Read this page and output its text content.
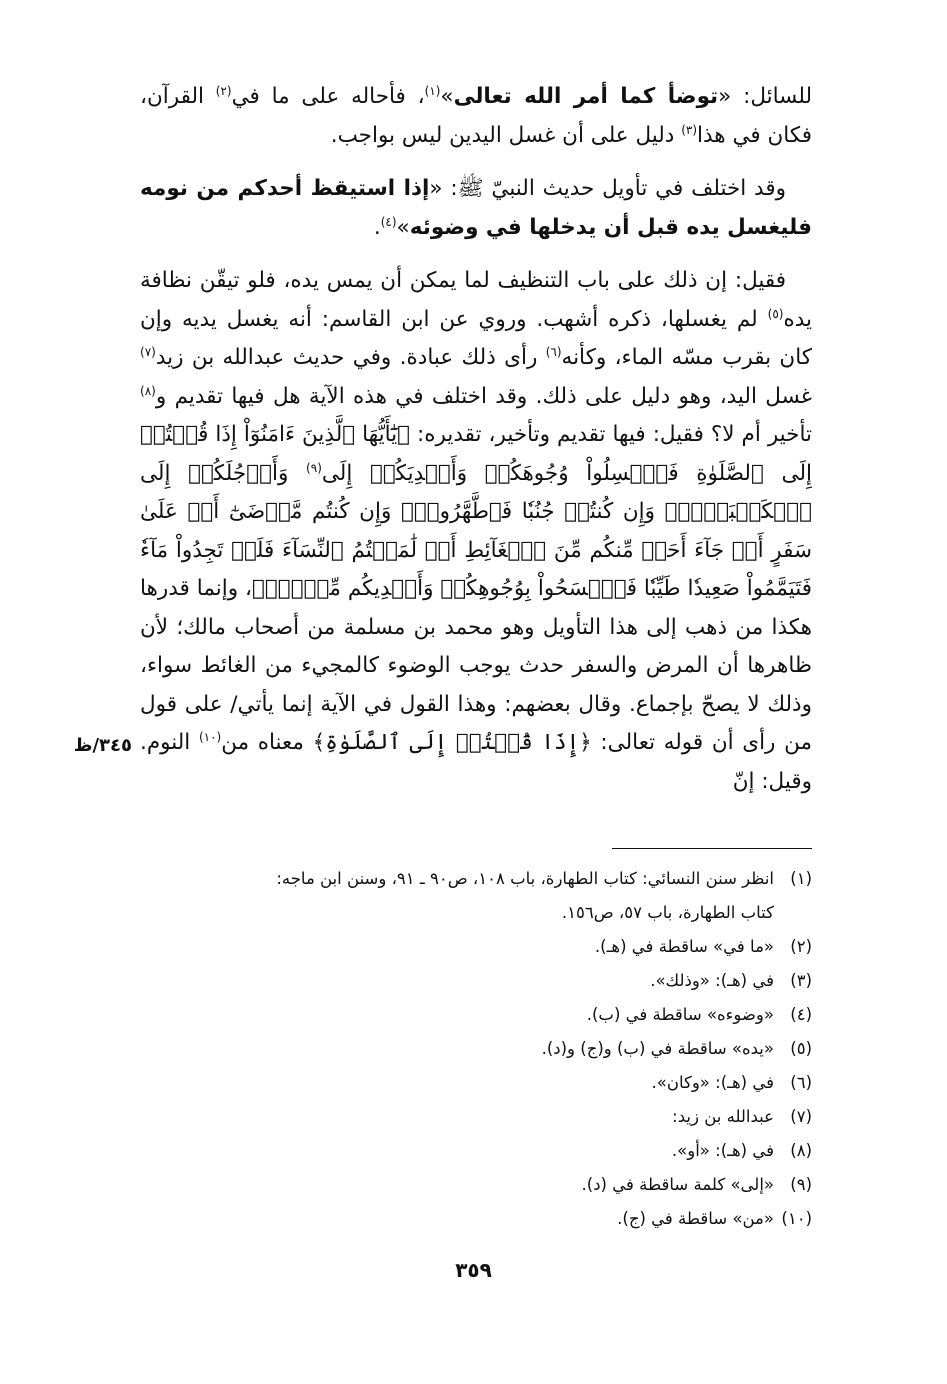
للسائل: «توضأ كما أمر الله تعالى»$^{(١)}$، فأحاله على ما في$^{(٢)}$ القرآن، فكان في هذا$^{(٣)}$ دليل على أن غسل اليدين ليس بواجب.

وقد اختلف في تأويل حديث النبيّ ﷺ: «إذا استيقظ أحدكم من نومه فليغسل يده قبل أن يدخلها في وضوئه»$^{(٤)}$.

فقيل: إن ذلك على باب التنظيف لما يمكن أن يمس يده، فلو تيقّن نظافة يده$^{(٥)}$ لم يغسلها، ذكره أشهب. وروي عن ابن القاسم: أنه يغسل يديه وإن كان بقرب مسّه الماء، وكأنه$^{(٦)}$ رأى ذلك عبادة. وفي حديث عبدالله بن زيد$^{(٧)}$ غسل اليد، وهو دليل على ذلك. وقد اختلف في هذه الآية هل فيها تقديم و$^{(٨)}$ تأخير أم لا؟ فقيل: فيها تقديم وتأخير، تقديره: ﴿يَٰٓأَيُّهَا ٱلَّذِينَ ءَامَنُوٓاْ إِذَا قُمۡتُمۡ إِلَى ٱلصَّلَوٰةِ فَٱغۡسِلُواْ وُجُوهَكُمۡ وَأَيۡدِيَكُمۡ إِلَى$^{(٩)}$ وَأَرۡجُلَكُمۡ إِلَى ٱلۡكَعۡبَيۡنِۚ وَإِن كُنتُمۡ جُنُبٗا فَٱطَّهَّرُواْۚ وَإِن كُنتُم مَّرۡضَىٰٓ أَوۡ عَلَىٰ سَفَرٍ أَوۡ جَآءَ أَحَدٞ مِّنكُم مِّنَ ٱلۡغَآئِطِ أَوۡ لَٰمَسۡتُمُ ٱلنِّسَآءَ فَلَمۡ تَجِدُواْ مَآءٗ فَتَيَمَّمُواْ صَعِيدٗا طَيِّبٗا فَٱمۡسَحُواْ بِوُجُوهِكُمۡ وَأَيۡدِيكُم مِّنۡهُۚ﴾، وإنما قدرها هكذا من ذهب إلى هذا التأويل وهو محمد بن مسلمة من أصحاب مالك؛ لأن ظاهرها أن المرض والسفر حدث يوجب الوضوء كالمجيء من الغائط سواء، وذلك لا يصحّ بإجماع. وقال بعضهم: وهذا القول في الآية إنما يأتي/ على قول من رأى أن قوله تعالى: ﴿إِذَا قُمۡتُمۡ إِلَى ٱلصَّلَوٰةِ﴾ معناه من$^{(١٠)}$ النوم. وقيل: إنّ

٣٤٥/ظ
(١)انظر سنن النسائي: كتاب الطهارة، باب ١٠٨، ص٩٠ ـ ٩١، وسنن ابن ماجه:
كتاب الطهارة، باب ٥٧، ص١٥٦.
(٢)«ما في» ساقطة في (هـ).
(٣)في (هـ): «وذلك».
(٤)«وضوءه» ساقطة في (ب).
(٥)«يده» ساقطة في (ب) و(ج) و(د).
(٦)في (هـ): «وكان».
(٧)عبدالله بن زيد:
(٨)في (هـ): «أو».
(٩)«إلى» كلمة ساقطة في (د).
(١٠)«من» ساقطة في (ج).
٣٥٩
